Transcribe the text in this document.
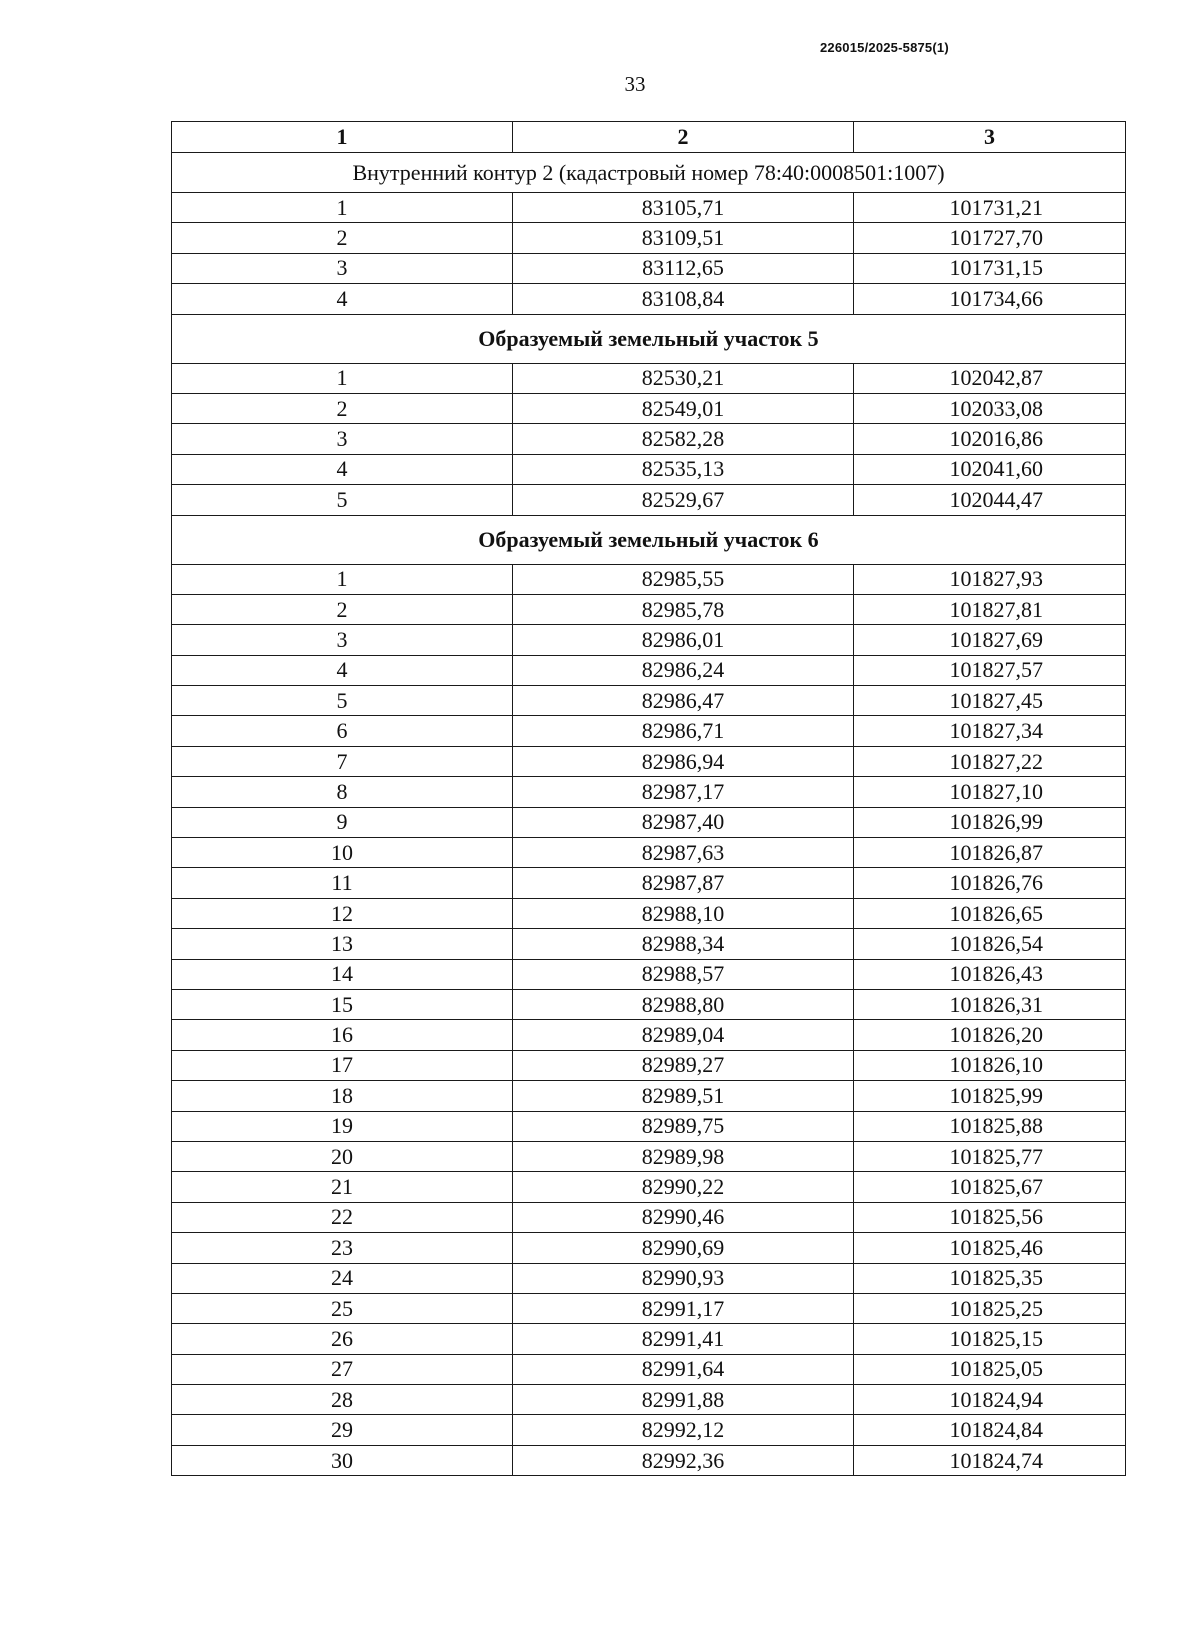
226015/2025-5875(1)
33
1	2	3
Внутренний контур 2 (кадастровый номер 78:40:0008501:1007)		
1	83105,71	101731,21
2	83109,51	101727,70
3	83112,65	101731,15
4	83108,84	101734,66
Образуемый земельный участок 5		
1	82530,21	102042,87
2	82549,01	102033,08
3	82582,28	102016,86
4	82535,13	102041,60
5	82529,67	102044,47
Образуемый земельный участок 6		
1	82985,55	101827,93
2	82985,78	101827,81
3	82986,01	101827,69
4	82986,24	101827,57
5	82986,47	101827,45
6	82986,71	101827,34
7	82986,94	101827,22
8	82987,17	101827,10
9	82987,40	101826,99
10	82987,63	101826,87
11	82987,87	101826,76
12	82988,10	101826,65
13	82988,34	101826,54
14	82988,57	101826,43
15	82988,80	101826,31
16	82989,04	101826,20
17	82989,27	101826,10
18	82989,51	101825,99
19	82989,75	101825,88
20	82989,98	101825,77
21	82990,22	101825,67
22	82990,46	101825,56
23	82990,69	101825,46
24	82990,93	101825,35
25	82991,17	101825,25
26	82991,41	101825,15
27	82991,64	101825,05
28	82991,88	101824,94
29	82992,12	101824,84
30	82992,36	101824,74
